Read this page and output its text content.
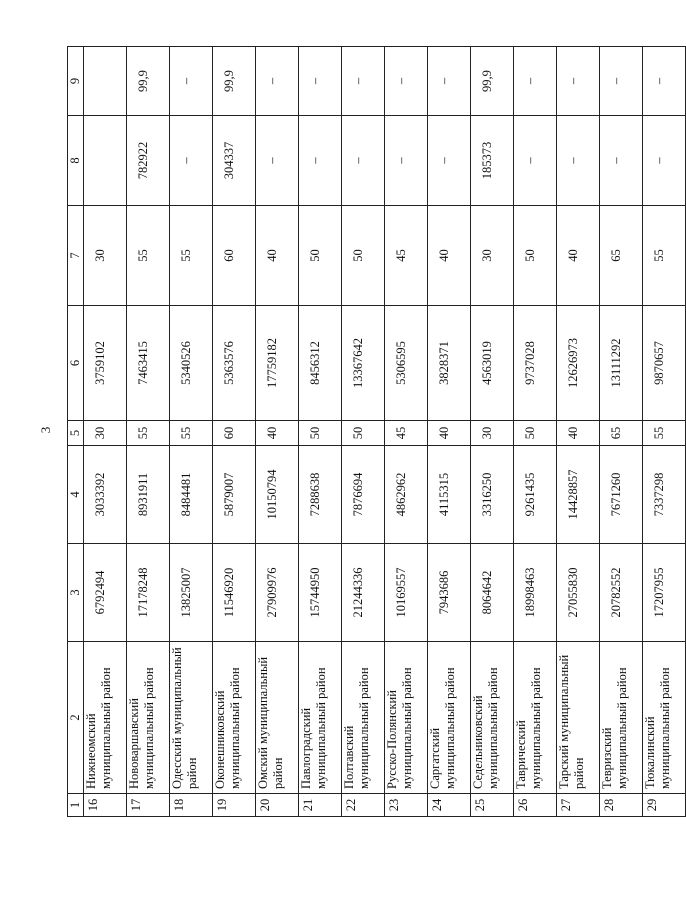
3
1	2	3	4	5	6	7	8	9
16	Нижнеомский муниципальный район	6792494	3033392	30	3759102	30		
17	Нововаршавский муниципальный район	17178248	8931911	55	7463415	55	782922	99,9
18	Одесский муниципальный район	13825007	8484481	55	5340526	55	–	–
19	Оконешниковский муниципальный район	11546920	5879007	60	5363576	60	304337	99,9
20	Омский муниципальный район	27909976	10150794	40	17759182	40	–	–
21	Павлоградский муниципальный район	15744950	7288638	50	8456312	50	–	–
22	Полтавский муниципальный район	21244336	7876694	50	13367642	50	–	–
23	Русско-Полянский муниципальный район	10169557	4862962	45	5306595	45	–	–
24	Саргатский муниципальный район	7943686	4115315	40	3828371	40	–	–
25	Седельниковский муниципальный район	8064642	3316250	30	4563019	30	185373	99,9
26	Таврический муниципальный район	18998463	9261435	50	9737028	50	–	–
27	Тарский муниципальный район	27055830	14428857	40	12626973	40	–	–
28	Тевризский муниципальный район	20782552	7671260	65	13111292	65	–	–
29	Тюкалинский муниципальный район	17207955	7337298	55	9870657	55	–	–
